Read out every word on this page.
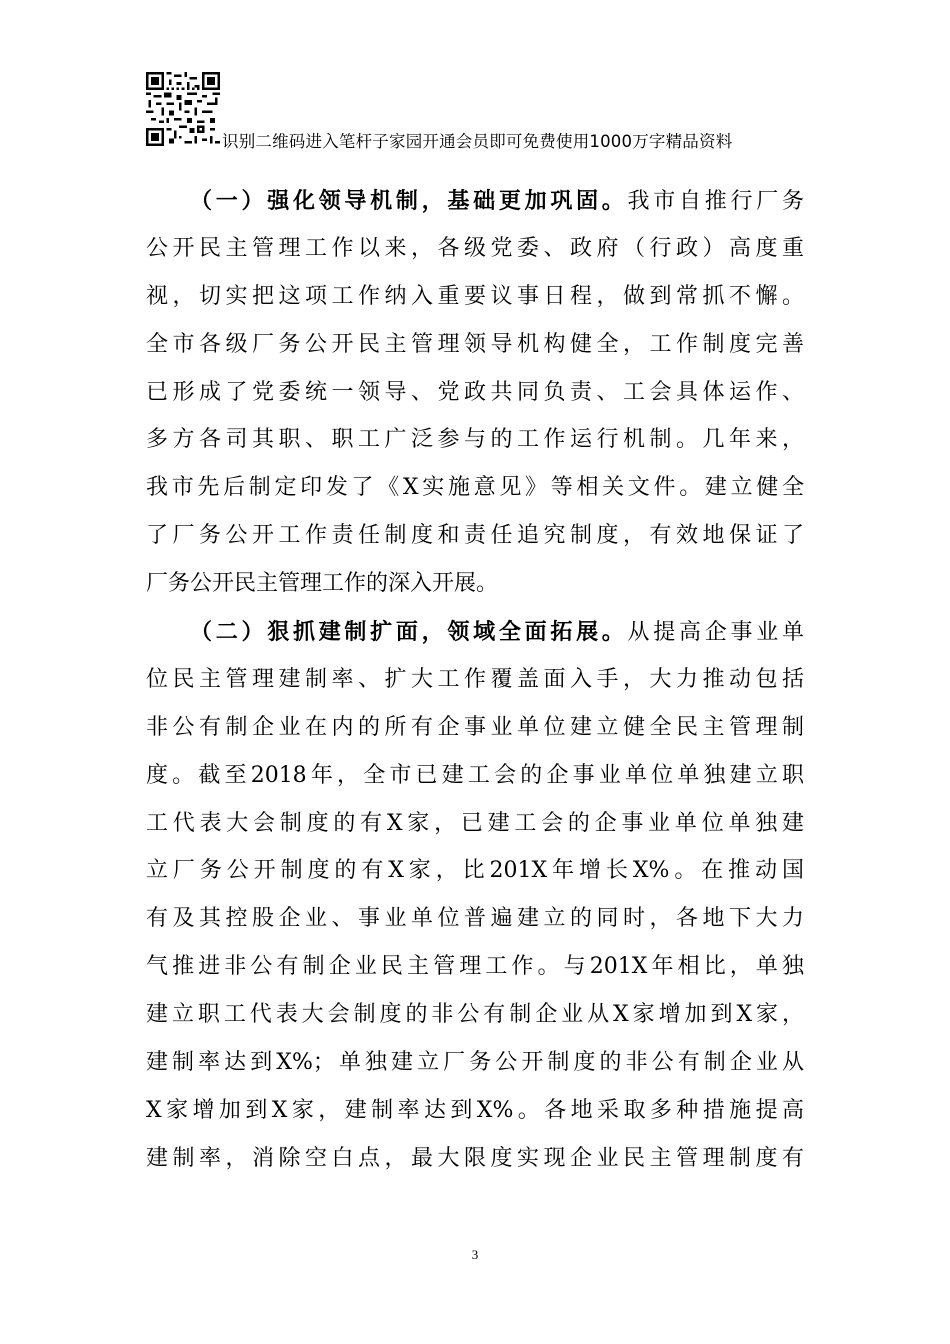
识别二维码进入笔杆子家园开通会员即可免费使用1000万字精品资料
（一）强化领导机制，基础更加巩固。我市自推行厂务
公开民主管理工作以来，各级党委、政府（行政）高度重
视，切实把这项工作纳入重要议事日程，做到常抓不懈。
全市各级厂务公开民主管理领导机构健全，工作制度完善
已形成了党委统一领导、党政共同负责、工会具体运作、
多方各司其职、职工广泛参与的工作运行机制。几年来，
我市先后制定印发了《X实施意见》等相关文件。建立健全
了厂务公开工作责任制度和责任追究制度，有效地保证了
厂务公开民主管理工作的深入开展。
（二）狠抓建制扩面，领域全面拓展。从提高企事业单
位民主管理建制率、扩大工作覆盖面入手，大力推动包括
非公有制企业在内的所有企事业单位建立健全民主管理制
度。截至2018年，全市已建工会的企事业单位单独建立职
工代表大会制度的有X家，已建工会的企事业单位单独建
立厂务公开制度的有X家，比201X年增长X%。在推动国
有及其控股企业、事业单位普遍建立的同时，各地下大力
气推进非公有制企业民主管理工作。与201X年相比，单独
建立职工代表大会制度的非公有制企业从X家增加到X家，
建制率达到X%；单独建立厂务公开制度的非公有制企业从
X家增加到X家，建制率达到X%。各地采取多种措施提高
建制率，消除空白点，最大限度实现企业民主管理制度有
3
